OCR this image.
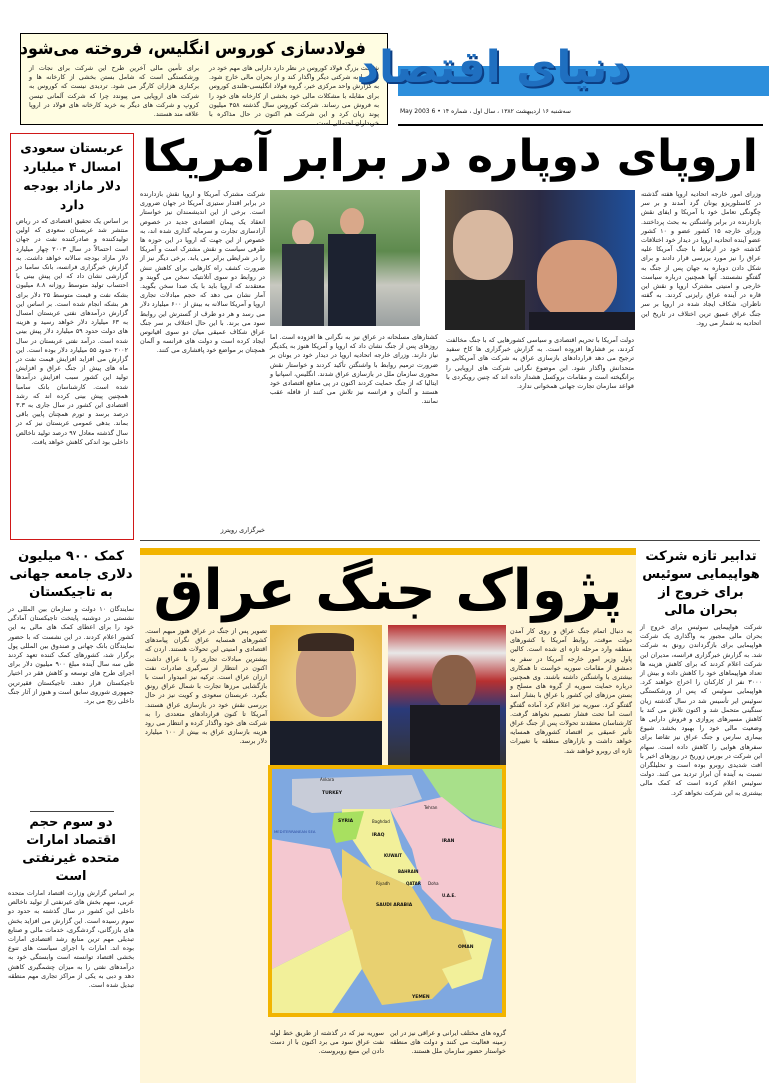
فولادسازی کوروس انگلیس، فروخته می‌شود
شرکت بزرگ فولاد کوروس در نظر دارد دارایی های مهم خود در هلند را به شرکتی دیگر واگذار کند و از بحران مالی خارج شود. به گزارش واحد مرکزی خبر، گروه فولاد انگلیسی-هلندی کوروس برای مقابله با مشکلات مالی خود بخشی از کارخانه های خود را به فروش می رساند. شرکت کوروس سال گذشته ۴۵۸ میلیون پوند زیان کرد و این شرکت هم اکنون در حال مذاکره با خریداران احتمالی است.
برای تأمین مالی آخرین طرح این شرکت برای نجات از ورشکستگی است که شامل بستن بخشی از کارخانه ها و برکناری هزاران کارگر می شود. تردیدی نیست که کوروس به شرکت های اروپایی می پیوندد چرا که شرکت آلمانی تیسن کروپ و شرکت های دیگر به خرید کارخانه های فولاد در اروپا علاقه مند هستند.
دنیای اقتصاد
سه‌شنبه ۱۶ اردیبهشت ۱۳۸۲ ، سال اول ، شماره ۱۴ • 6 May 2003
عربستان سعودی امسال ۴ میلیارد دلار مازاد بودجه دارد
بر اساس یک تحقیق اقتصادی که در ریاض منتشر شد عربستان سعودی که اولین تولیدکننده و صادرکننده نفت در جهان است احتمالاً در سال ۲۰۰۳ چهار میلیارد دلار مازاد بودجه سالانه خواهد داشت. به گزارش خبرگزاری فرانسه، بانک سامبا در گزارشی نشان داد که این پیش بینی با احتساب تولید متوسط روزانه ۸.۸ میلیون بشکه نفت و قیمت متوسط ۲۵ دلار برای هر بشکه انجام شده است. بر اساس این گزارش درآمدهای نفتی عربستان امسال به ۶۳ میلیارد دلار خواهد رسید و هزینه های دولت حدود ۵۹ میلیارد دلار پیش بینی شده است. درآمد نفتی عربستان در سال ۲۰۰۲ حدود ۵۵ میلیارد دلار بوده است. این گزارش می افزاید افزایش قیمت نفت در ماه های پیش از جنگ عراق و افزایش تولید این کشور سبب افزایش درآمدها شده است. کارشناسان بانک سامبا همچنین پیش بینی کرده اند که رشد اقتصادی این کشور در سال جاری به ۳.۳ درصد برسد و تورم همچنان پایین باقی بماند. بدهی عمومی عربستان نیز که در سال گذشته معادل ۹۷ درصد تولید ناخالص داخلی بود اندکی کاهش خواهد یافت.
اروپای دوپاره در برابر آمریکا
شرکت مشترک آمریکا و اروپا نقش بازدارنده در برابر اقتدار ستیزی آمریکا در جهان ضروری است. برخی از این اندیشمندان نیز خواستار انعقاد یک پیمان اقتصادی جدید در خصوص آزادسازی تجارت و سرمایه گذاری شده اند، به خصوص از این جهت که اروپا در این حوزه ها طرفی سیاست و نقش مشترک است و آمریکا را در شرایطی برابر می یابد. برخی دیگر نیز از ضرورت کشف راه کارهایی برای کاهش تنش در روابط دو سوی آتلانتیک سخن می گویند و معتقدند که اروپا باید با یک صدا سخن بگوید. آمار نشان می دهد که حجم مبادلات تجاری اروپا و آمریکا سالانه به بیش از ۶۰۰ میلیارد دلار می رسد و هر دو طرف از گسترش این روابط سود می برند. با این حال اختلاف بر سر جنگ عراق شکاف عمیقی میان دو سوی اقیانوس ایجاد کرده است و دولت های فرانسه و آلمان همچنان بر مواضع خود پافشاری می کنند.
خبرگزاری رویترز
کشتارهای مسلحانه در عراق نیز به نگرانی ها افزوده است. اما روزهای پس از جنگ نشان داد که اروپا و آمریکا هنوز به یکدیگر نیاز دارند. وزرای خارجه اتحادیه اروپا در دیدار خود در یونان بر ضرورت ترمیم روابط با واشنگتن تأکید کردند و خواستار نقش محوری سازمان ملل در بازسازی عراق شدند. انگلیس، اسپانیا و ایتالیا که از جنگ حمایت کردند اکنون در پی منافع اقتصادی خود هستند و آلمان و فرانسه نیز تلاش می کنند از قافله عقب نمانند.
دولت آمریکا با تحریم اقتصادی و سیاسی کشورهایی که با جنگ مخالفت کردند، بر فشارها افزوده است. به گزارش خبرگزاری ها کاخ سفید ترجیح می دهد قراردادهای بازسازی عراق به شرکت های آمریکایی و متحدانش واگذار شود. این موضوع نگرانی شرکت های اروپایی را برانگیخته است و مقامات بروکسل هشدار داده اند که چنین رویکردی با قواعد سازمان تجارت جهانی همخوانی ندارد.
وزرای امور خارجه اتحادیه اروپا هفته گذشته در کاستلوریزو یونان گرد آمدند و بر سر چگونگی تعامل خود با آمریکا و ایفای نقش بازدارنده در برابر واشنگتن به بحث پرداختند. وزرای خارجه ۱۵ کشور عضو و ۱۰ کشور عضو آینده اتحادیه اروپا در دیدار خود اختلافات گذشته خود در ارتباط با جنگ آمریکا علیه عراق را نیز مورد بررسی قرار دادند و برای شکل دادن دوباره به جهان پس از جنگ به گفتگو نشستند. آنها همچنین درباره سیاست خارجی و امنیتی مشترک اروپا و نقش این قاره در آینده عراق رایزنی کردند. به گفته ناظران، شکاف ایجاد شده در اروپا بر سر جنگ عراق عمیق ترین اختلاف در تاریخ این اتحادیه به شمار می رود.
کمک ۹۰۰ میلیون دلاری جامعه جهانی به تاجیکستان
نمایندگان ۱۰ دولت و سازمان بین المللی در نشستی در دوشنبه پایتخت تاجیکستان آمادگی خود را برای اعطای کمک های مالی به این کشور اعلام کردند. در این نشست که با حضور نمایندگان بانک جهانی و صندوق بین المللی پول برگزار شد، کشورهای کمک کننده تعهد کردند طی سه سال آینده مبلغ ۹۰۰ میلیون دلار برای اجرای طرح های توسعه و کاهش فقر در اختیار تاجیکستان قرار دهند. تاجیکستان فقیرترین جمهوری شوروی سابق است و هنوز از آثار جنگ داخلی رنج می برد.
دو سوم حجم اقتصاد امارات متحده غیرنفتی است
بر اساس گزارش وزارت اقتصاد امارات متحده عربی، سهم بخش های غیرنفتی از تولید ناخالص داخلی این کشور در سال گذشته به حدود دو سوم رسیده است. این گزارش می افزاید بخش های بازرگانی، گردشگری، خدمات مالی و صنایع تبدیلی مهم ترین منابع رشد اقتصادی امارات بوده اند. امارات با اجرای سیاست های تنوع بخشی اقتصاد توانسته است وابستگی خود به درآمدهای نفتی را به میزان چشمگیری کاهش دهد و دبی به یکی از مراکز تجاری مهم منطقه تبدیل شده است.
تدابیر تازه شرکت هواپیمایی سوئیس برای خروج از بحران مالی
شرکت هواپیمایی سوئیس برای خروج از بحران مالی مجبور به واگذاری یک شرکت هواپیمایی برای بازگرداندن رونق به شرکت شد. به گزارش خبرگزاری فرانسه، مدیران این شرکت اعلام کردند که برای کاهش هزینه ها تعداد هواپیماهای خود را کاهش داده و بیش از ۳۰۰۰ نفر از کارکنان را اخراج خواهند کرد. هواپیمایی سوئیس که پس از ورشکستگی سوئیس ایر تأسیس شد در سال گذشته زیان سنگینی متحمل شد و اکنون تلاش می کند با کاهش مسیرهای پروازی و فروش دارایی ها وضعیت مالی خود را بهبود بخشد. شیوع بیماری سارس و جنگ عراق نیز تقاضا برای سفرهای هوایی را کاهش داده است. سهام این شرکت در بورس زوریخ در روزهای اخیر با افت شدیدی روبرو بوده است و تحلیلگران نسبت به آینده آن ابراز تردید می کنند. دولت سوئیس اعلام کرده است که کمک مالی بیشتری به این شرکت نخواهد کرد.
پژواک جنگ عراق
تصویر پس از جنگ در عراق هنوز مبهم است. کشورهای همسایه عراق نگران پیامدهای اقتصادی و امنیتی این تحولات هستند. اردن که بیشترین مبادلات تجاری را با عراق داشت اکنون در انتظار از سرگیری صادرات نفت ارزان عراق است. ترکیه نیز امیدوار است با بازگشایی مرزها تجارت با شمال عراق رونق بگیرد. عربستان سعودی و کویت نیز در حال بررسی نقش خود در بازسازی عراق هستند. آمریکا تا کنون قراردادهای متعددی را به شرکت های خود واگذار کرده و انتظار می رود هزینه بازسازی عراق به بیش از ۱۰۰ میلیارد دلار برسد.
به دنبال اتمام جنگ عراق و روی کار آمدن دولت موقت، روابط آمریکا با کشورهای منطقه وارد مرحله تازه ای شده است. کالین پاول وزیر امور خارجه آمریکا در سفر به دمشق از مقامات سوریه خواست تا همکاری بیشتری با واشنگتن داشته باشند. وی همچنین درباره حمایت سوریه از گروه های مسلح و بستن مرزهای این کشور با عراق با بشار اسد گفتگو کرد. سوریه نیز اعلام کرد آماده گفتگو است اما تحت فشار تصمیم نخواهد گرفت. کارشناسان معتقدند تحولات پس از جنگ عراق تأثیر عمیقی بر اقتصاد کشورهای همسایه خواهد داشت و بازارهای منطقه با تغییرات تازه ای روبرو خواهند شد.
سوریه نیز که در گذشته از طریق خط لوله نفت عراق سود می برد اکنون با از دست دادن این منبع روبروست.
گروه های مختلف ایرانی و عراقی نیز در این زمینه فعالیت می کنند و دولت های منطقه خواستار حضور سازمان ملل هستند.
Ankara
TURKEY
Tehran
SYRIA	Baghdad
MEDITERRANEAN SEA
IRAQ
IRAN
KUWAIT
BAHRAIN
Riyadh	QATAR Doha
U.A.E.
SAUDI ARABIA
OMAN
YEMEN
